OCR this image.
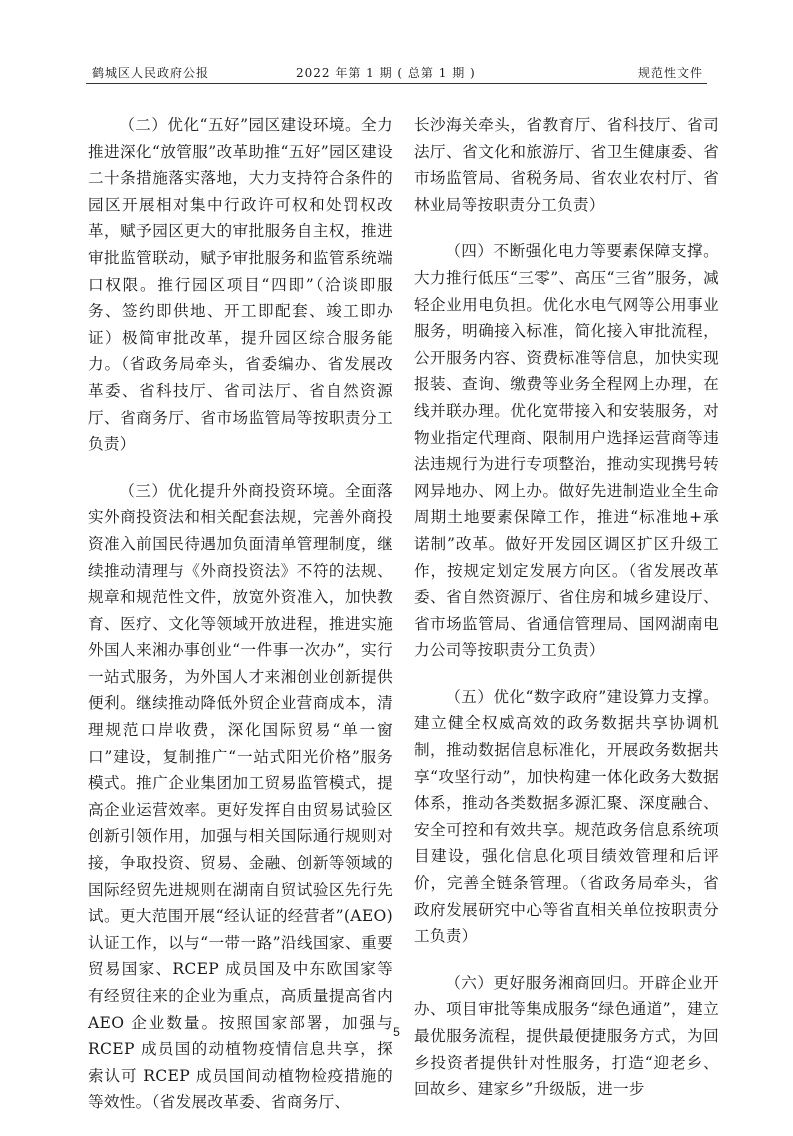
鹤城区人民政府公报	2022 年第 1 期 ( 总第 1 期 )	规范性文件

（二）优化“五好”园区建设环境。全力推进深化“放管服”改革助推“五好”园区建设二十条措施落实落地，大力支持符合条件的园区开展相对集中行政许可权和处罚权改革，赋予园区更大的审批服务自主权，推进审批监管联动，赋予审批服务和监管系统端口权限。推行园区项目“四即”（洽谈即服务、签约即供地、开工即配套、竣工即办证）极简审批改革，提升园区综合服务能力。（省政务局牵头，省委编办、省发展改革委、省科技厅、省司法厅、省自然资源厅、省商务厅、省市场监管局等按职责分工负责）

（三）优化提升外商投资环境。全面落实外商投资法和相关配套法规，完善外商投资准入前国民待遇加负面清单管理制度，继续推动清理与《外商投资法》不符的法规、规章和规范性文件，放宽外资准入，加快教育、医疗、文化等领域开放进程，推进实施外国人来湘办事创业“一件事一次办”，实行一站式服务，为外国人才来湘创业创新提供便利。继续推动降低外贸企业营商成本，清理规范口岸收费，深化国际贸易“单一窗口”建设，复制推广“一站式阳光价格”服务模式。推广企业集团加工贸易监管模式，提高企业运营效率。更好发挥自由贸易试验区创新引领作用，加强与相关国际通行规则对接，争取投资、贸易、金融、创新等领域的国际经贸先进规则在湖南自贸试验区先行先试。更大范围开展“经认证的经营者”(AEO)认证工作，以与“一带一路”沿线国家、重要贸易国家、RCEP 成员国及中东欧国家等有经贸往来的企业为重点，高质量提高省内 AEO 企业数量。按照国家部署，加强与 RCEP 成员国的动植物疫情信息共享，探索认可 RCEP 成员国间动植物检疫措施的等效性。（省发展改革委、省商务厅、

长沙海关牵头，省教育厅、省科技厅、省司法厅、省文化和旅游厅、省卫生健康委、省市场监管局、省税务局、省农业农村厅、省林业局等按职责分工负责）

（四）不断强化电力等要素保障支撑。大力推行低压“三零”、高压“三省”服务，减轻企业用电负担。优化水电气网等公用事业服务，明确接入标准，简化接入审批流程，公开服务内容、资费标准等信息，加快实现报装、查询、缴费等业务全程网上办理，在线并联办理。优化宽带接入和安装服务，对物业指定代理商、限制用户选择运营商等违法违规行为进行专项整治，推动实现携号转网异地办、网上办。做好先进制造业全生命周期土地要素保障工作，推进“标准地+承诺制”改革。做好开发园区调区扩区升级工作，按规定划定发展方向区。（省发展改革委、省自然资源厅、省住房和城乡建设厅、省市场监管局、省通信管理局、国网湖南电力公司等按职责分工负责）

（五）优化“数字政府”建设算力支撑。建立健全权威高效的政务数据共享协调机制，推动数据信息标准化，开展政务数据共享“攻坚行动”，加快构建一体化政务大数据体系，推动各类数据多源汇聚、深度融合、安全可控和有效共享。规范政务信息系统项目建设，强化信息化项目绩效管理和后评价，完善全链条管理。（省政务局牵头，省政府发展研究中心等省直相关单位按职责分工负责）

（六）更好服务湘商回归。开辟企业开办、项目审批等集成服务“绿色通道”，建立最优服务流程，提供最便捷服务方式，为回乡投资者提供针对性服务，打造“迎老乡、回故乡、建家乡”升级版，进一步

5
